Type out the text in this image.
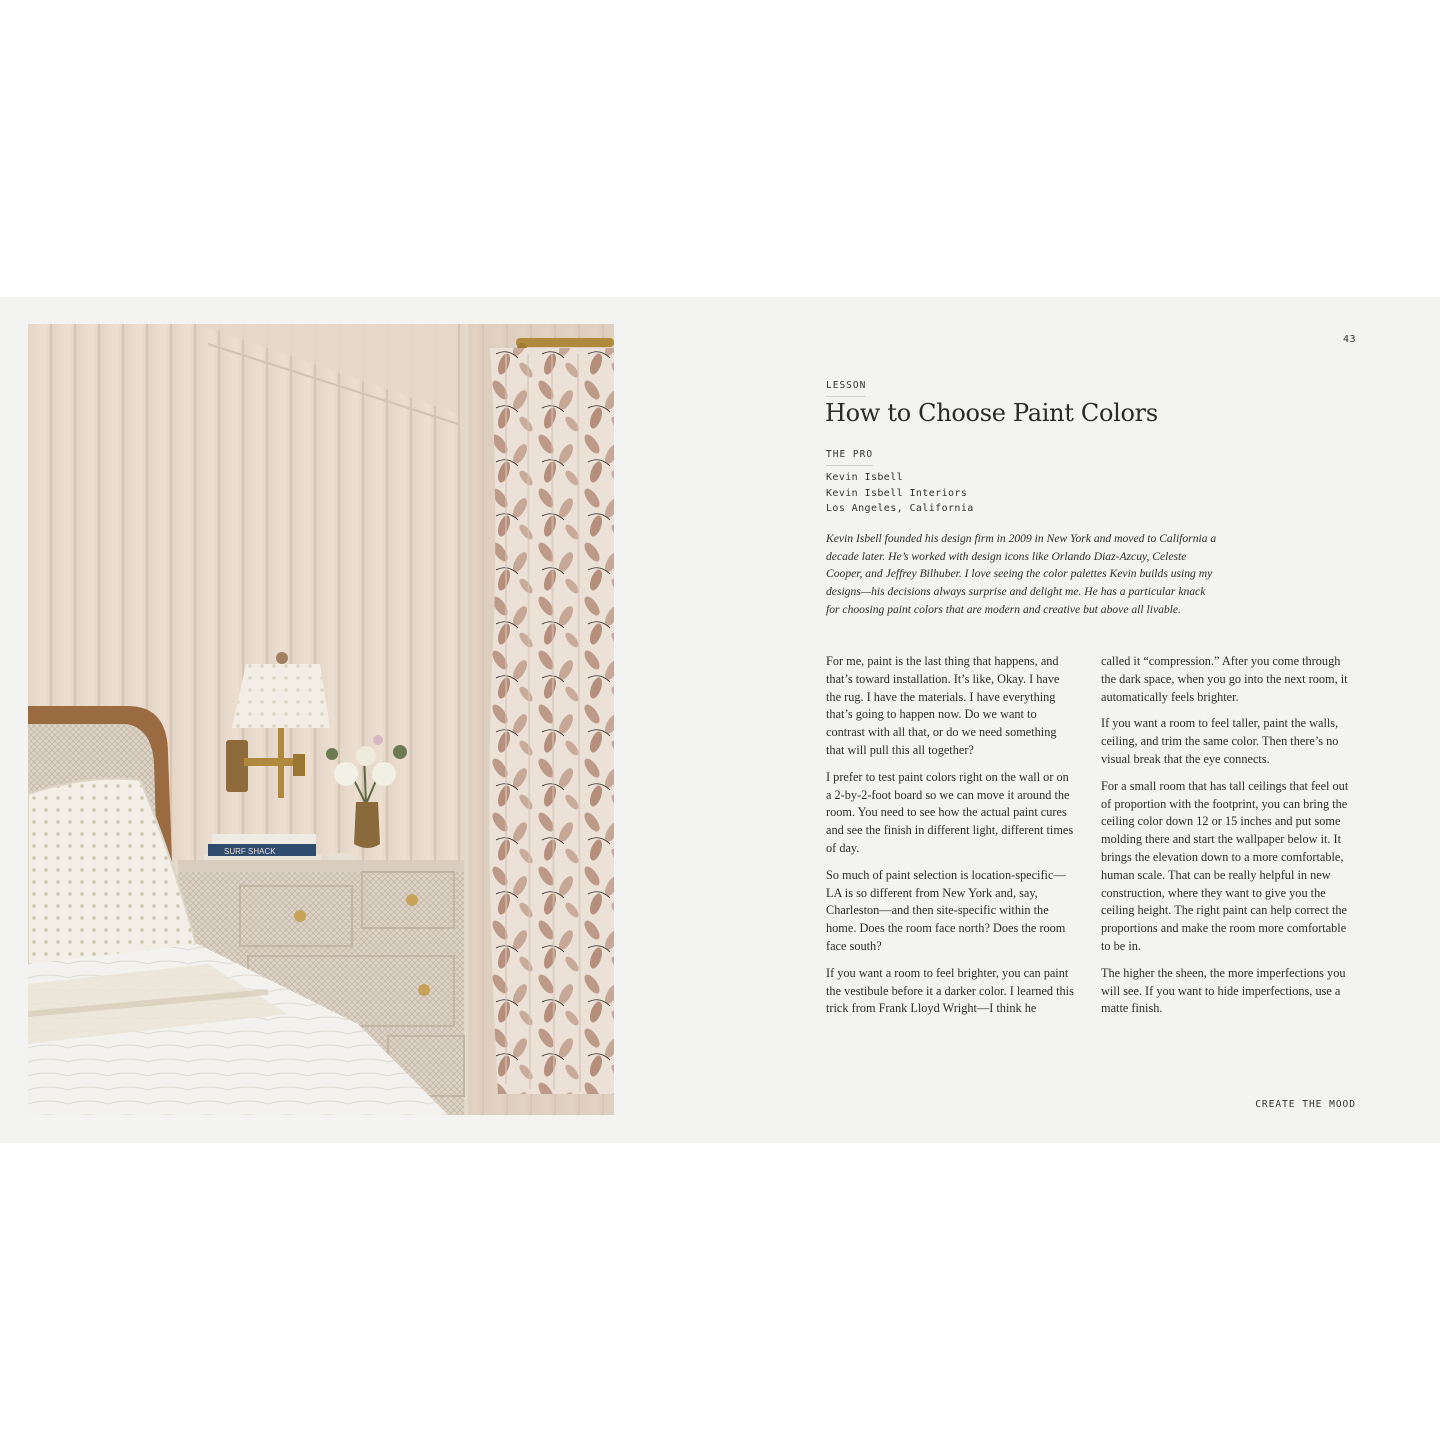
SURF SHACK
43
LESSON
How to Choose Paint Colors
THE PRO
Kevin Isbell
Kevin Isbell Interiors
Los Angeles, California

Kevin Isbell founded his design firm in 2009 in New York and moved to California a decade later. He’s worked with design icons like Orlando Diaz-Azcuy, Celeste Cooper, and Jeffrey Bilhuber. I love seeing the color palettes Kevin builds using my designs—his decisions always surprise and delight me. He has a particular knack for choosing paint colors that are modern and creative but above all livable.

For me, paint is the last thing that happens, and that’s toward installation. It’s like, Okay. I have the rug. I have the materials. I have everything that’s going to happen now. Do we want to contrast with all that, or do we need something that will pull this all together?

I prefer to test paint colors right on the wall or on a 2-by-2-foot board so we can move it around the room. You need to see how the actual paint cures and see the finish in different light, different times of day.

So much of paint selection is location-specific—LA is so different from New York and, say, Charleston—and then site-specific within the home. Does the room face north? Does the room face south?

If you want a room to feel brighter, you can paint the vestibule before it a darker color. I learned this trick from Frank Lloyd Wright—I think he

called it “compression.” After you come through the dark space, when you go into the next room, it automatically feels brighter.

If you want a room to feel taller, paint the walls, ceiling, and trim the same color. Then there’s no visual break that the eye connects.

For a small room that has tall ceilings that feel out of proportion with the footprint, you can bring the ceiling color down 12 or 15 inches and put some molding there and start the wallpaper below it. It brings the elevation down to a more comfortable, human scale. That can be really helpful in new construction, where they want to give you the ceiling height. The right paint can help correct the proportions and make the room more comfortable to be in.

The higher the sheen, the more imperfections you will see. If you want to hide imperfections, use a matte finish.

CREATE THE MOOD
